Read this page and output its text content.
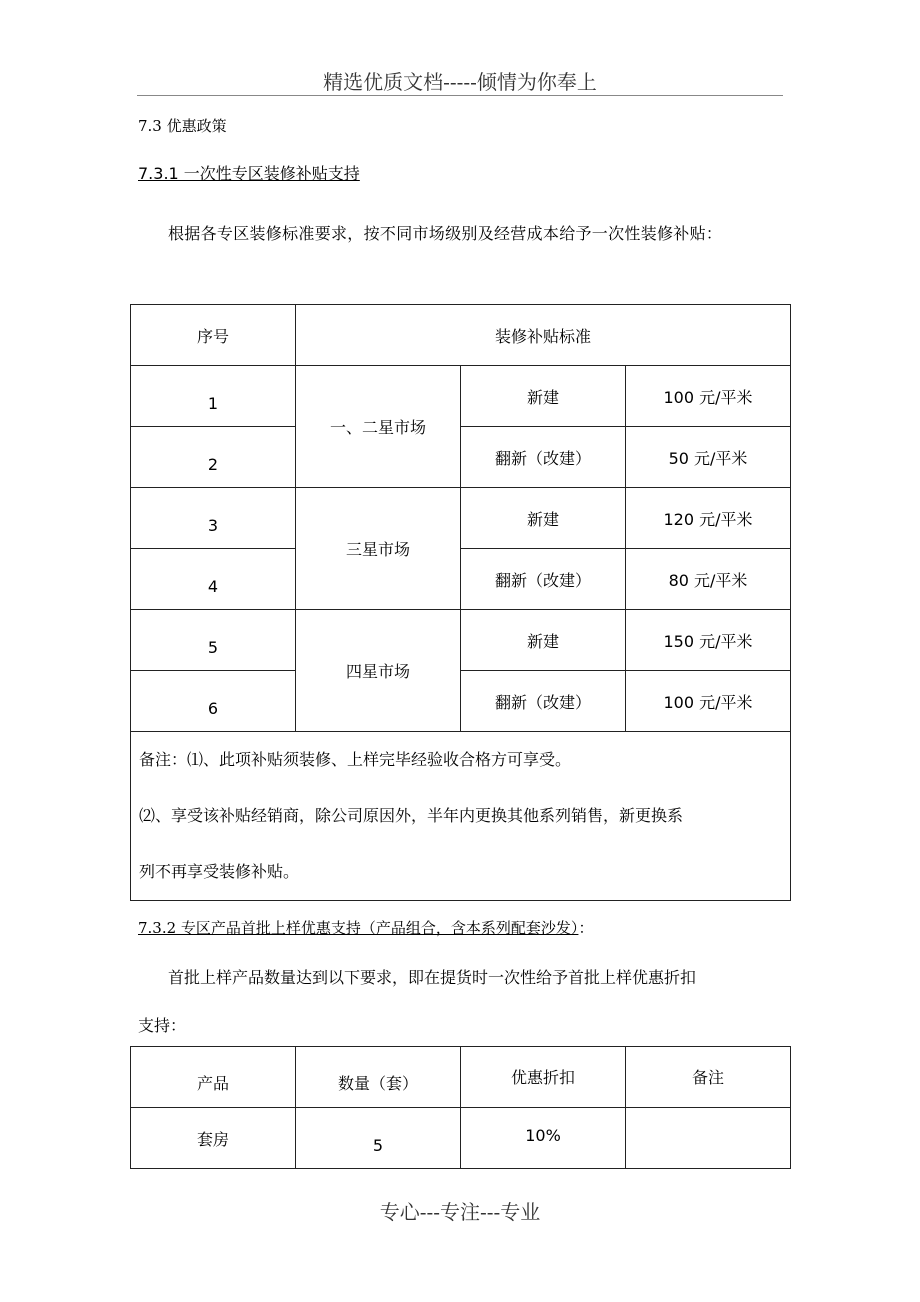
精选优质文档-----倾情为你奉上
7.3 优惠政策
7.3.1 一次性专区装修补贴支持
根据各专区装修标准要求，按不同市场级别及经营成本给予一次性装修补贴：
序号	装修补贴标准		
1	一、二星市场	新建	100 元/平米
2		翻新（改建）	50 元/平米
3	三星市场	新建	120 元/平米
4		翻新（改建）	80 元/平米
5	四星市场	新建	150 元/平米
6		翻新（改建）	100 元/平米

备注：⑴、此项补贴须装修、上样完毕经验收合格方可享受。
⑵、享受该补贴经销商，除公司原因外，半年内更换其他系列销售，新更换系
列不再享受装修补贴。			
7.3.2 专区产品首批上样优惠支持（产品组合，含本系列配套沙发）：
首批上样产品数量达到以下要求，即在提货时一次性给予首批上样优惠折扣
支持：
产品	数量（套）	优惠折扣	备注
套房	5	10%	
专心---专注---专业
